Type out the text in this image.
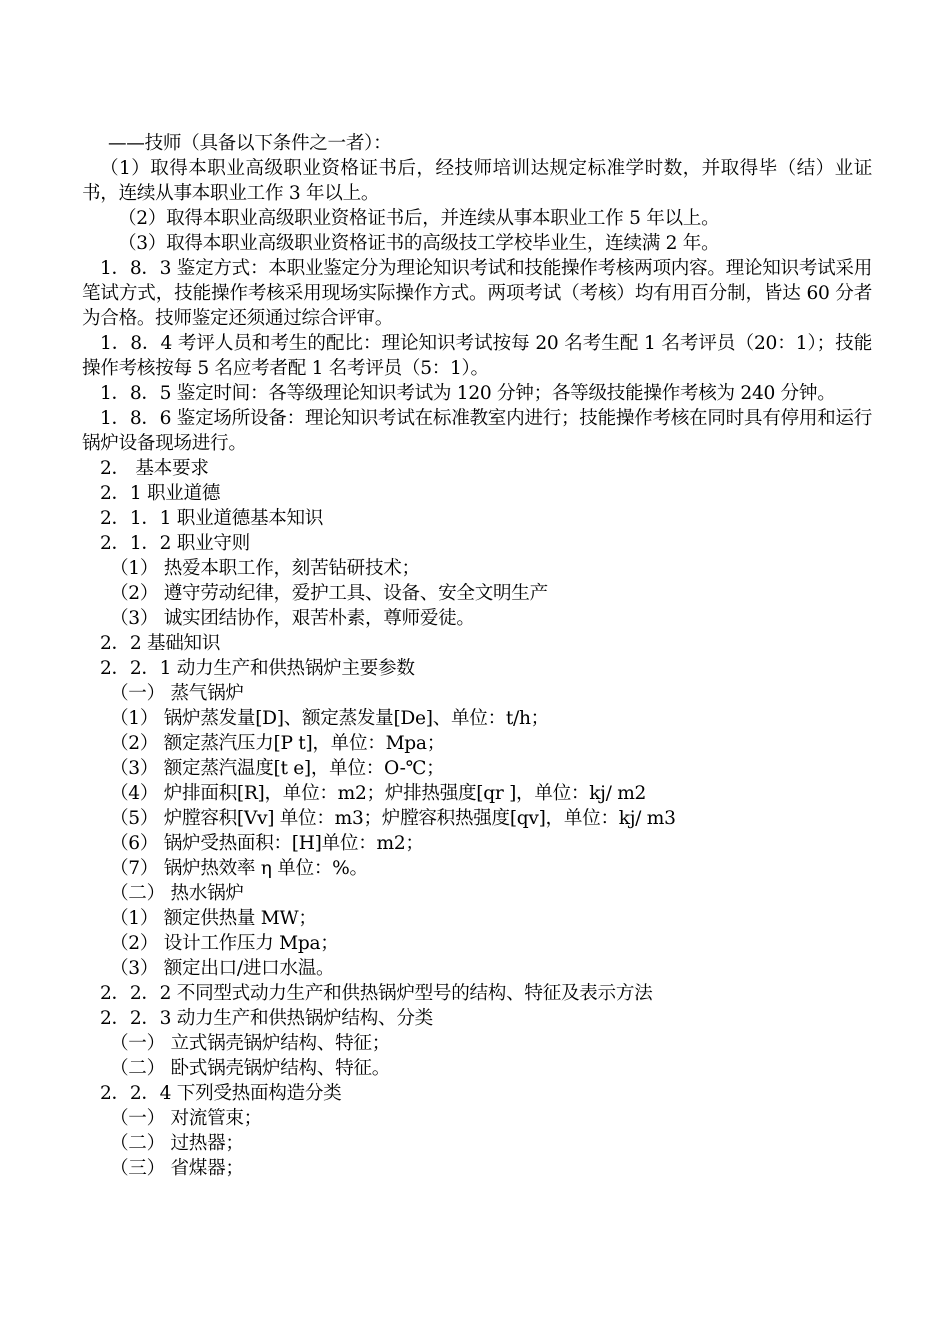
——技师（具备以下条件之一者）：
（1）取得本职业高级职业资格证书后，经技师培训达规定标准学时数，并取得毕（结）业证书，连续从事本职业工作 3 年以上。
（2）取得本职业高级职业资格证书后，并连续从事本职业工作 5 年以上。
（3）取得本职业高级职业资格证书的高级技工学校毕业生，连续满 2 年。
1．8．3 鉴定方式：本职业鉴定分为理论知识考试和技能操作考核两项内容。理论知识考试采用笔试方式，技能操作考核采用现场实际操作方式。两项考试（考核）均有用百分制，皆达 60 分者为合格。技师鉴定还须通过综合评审。
1．8．4 考评人员和考生的配比：理论知识考试按每 20 名考生配 1 名考评员（20：1）；技能操作考核按每 5 名应考者配 1 名考评员（5：1）。
1．8．5 鉴定时间：各等级理论知识考试为 120 分钟；各等级技能操作考核为 240 分钟。
1．8．6 鉴定场所设备：理论知识考试在标准教室内进行；技能操作考核在同时具有停用和运行锅炉设备现场进行。
2． 基本要求
2．1 职业道德
2．1．1 职业道德基本知识
2．1．2 职业守则
（1） 热爱本职工作，刻苦钻研技术；
（2） 遵守劳动纪律，爱护工具、设备、安全文明生产
（3） 诚实团结协作，艰苦朴素，尊师爱徒。
2．2 基础知识
2．2．1 动力生产和供热锅炉主要参数
（一） 蒸气锅炉
（1） 锅炉蒸发量[D]、额定蒸发量[De]、单位：t/h；
（2） 额定蒸汽压力[P t]，单位：Mpa；
（3） 额定蒸汽温度[t e]，单位：O-℃；
（4） 炉排面积[R]，单位：m2；炉排热强度[qr ]，单位：kj/ m2
（5） 炉膛容积[Vv] 单位：m3；炉膛容积热强度[qv]，单位：kj/ m3
（6） 锅炉受热面积：[H]单位：m2；
（7） 锅炉热效率 η 单位：%。
（二） 热水锅炉
（1） 额定供热量 MW；
（2） 设计工作压力 Mpa；
（3） 额定出口/进口水温。
2．2．2 不同型式动力生产和供热锅炉型号的结构、特征及表示方法
2．2．3 动力生产和供热锅炉结构、分类
（一） 立式锅壳锅炉结构、特征；
（二） 卧式锅壳锅炉结构、特征。
2．2．4 下列受热面构造分类
（一） 对流管束；
（二） 过热器；
（三） 省煤器；
